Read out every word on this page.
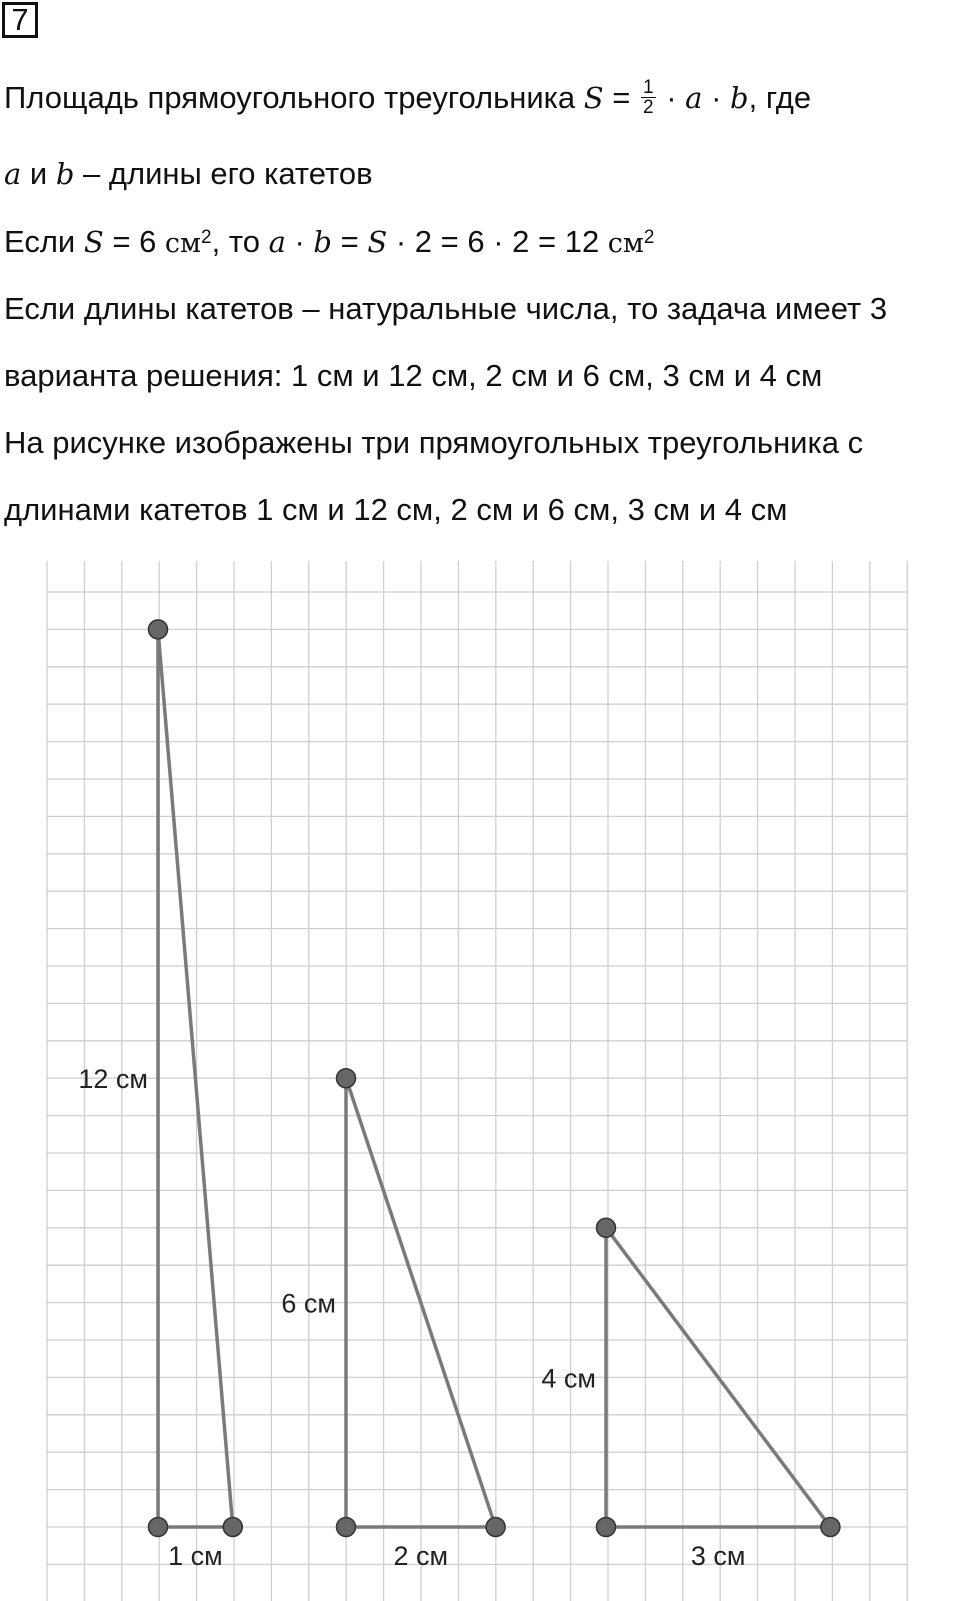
7
Площадь прямоугольного треугольника $S = \frac{1}{2} \cdot a \cdot b$, где
a и b – длины его катетов
Если S = 6 $см^2$, то a · b = S · 2 = 6 · 2 = 12 $см^2$
Если длины катетов – натуральные числа, то задача имеет 3
варианта решения: 1 см и 12 см, 2 см и 6 см, 3 см и 4 см
На рисунке изображены три прямоугольных треугольника с
длинами катетов 1 см и 12 см, 2 см и 6 см, 3 см и 4 см
12 см
1 см
6 см
2 см
4 см
3 см
